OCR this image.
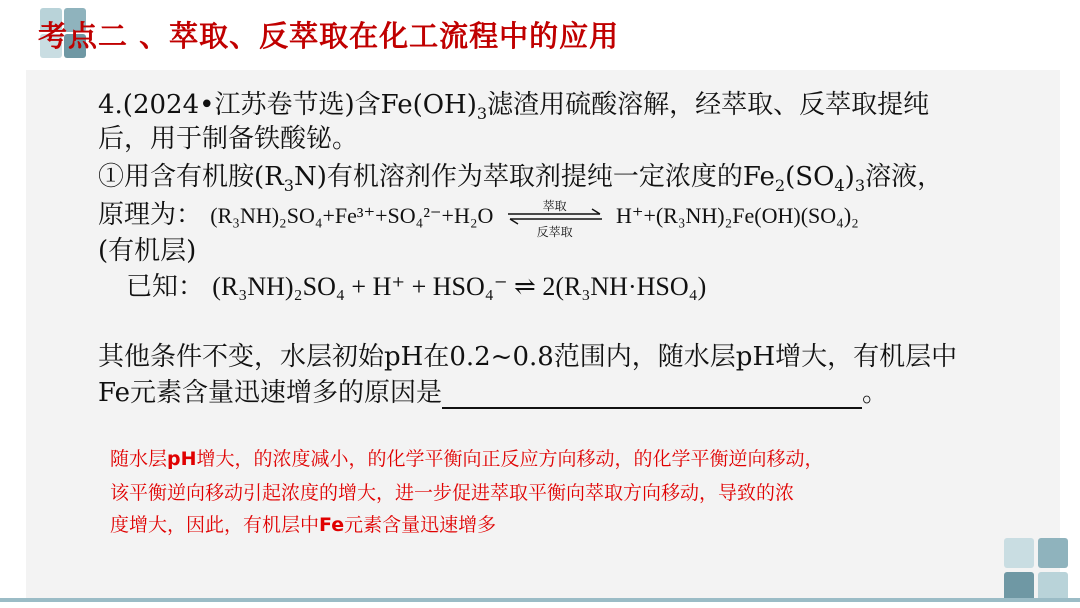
考点二 、萃取、反萃取在化工流程中的应用
4.(2024•江苏卷节选)含$Fe(OH)_3$滤渣用硫酸溶解，经萃取、反萃取提纯
后，用于制备铁酸铋。
①用含有机胺$(R_3N)$有机溶剂作为萃取剂提纯一定浓度的$Fe_2(SO_4)_3$溶液，
原理为： (R₃NH)₂SO₄+Fe³⁺+SO₄²⁻+H₂O	萃取
反萃取
H⁺+(R₃NH)₂Fe(OH)(SO₄)₂
(有机层)
已知： (R₃NH)₂SO₄ + H⁺ + HSO₄⁻ ⇌ 2(R₃NH·HSO₄)
其他条件不变，水层初始pH在0.2~0.8范围内，随水层pH增大，有机层中
Fe元素含量迅速增多的原因是	。
随水层pH增大，的浓度减小，的化学平衡向正反应方向移动，的化学平衡逆向移动，
该平衡逆向移动引起浓度的增大，进一步促进萃取平衡向萃取方向移动，导致的浓
度增大，因此，有机层中Fe元素含量迅速增多
